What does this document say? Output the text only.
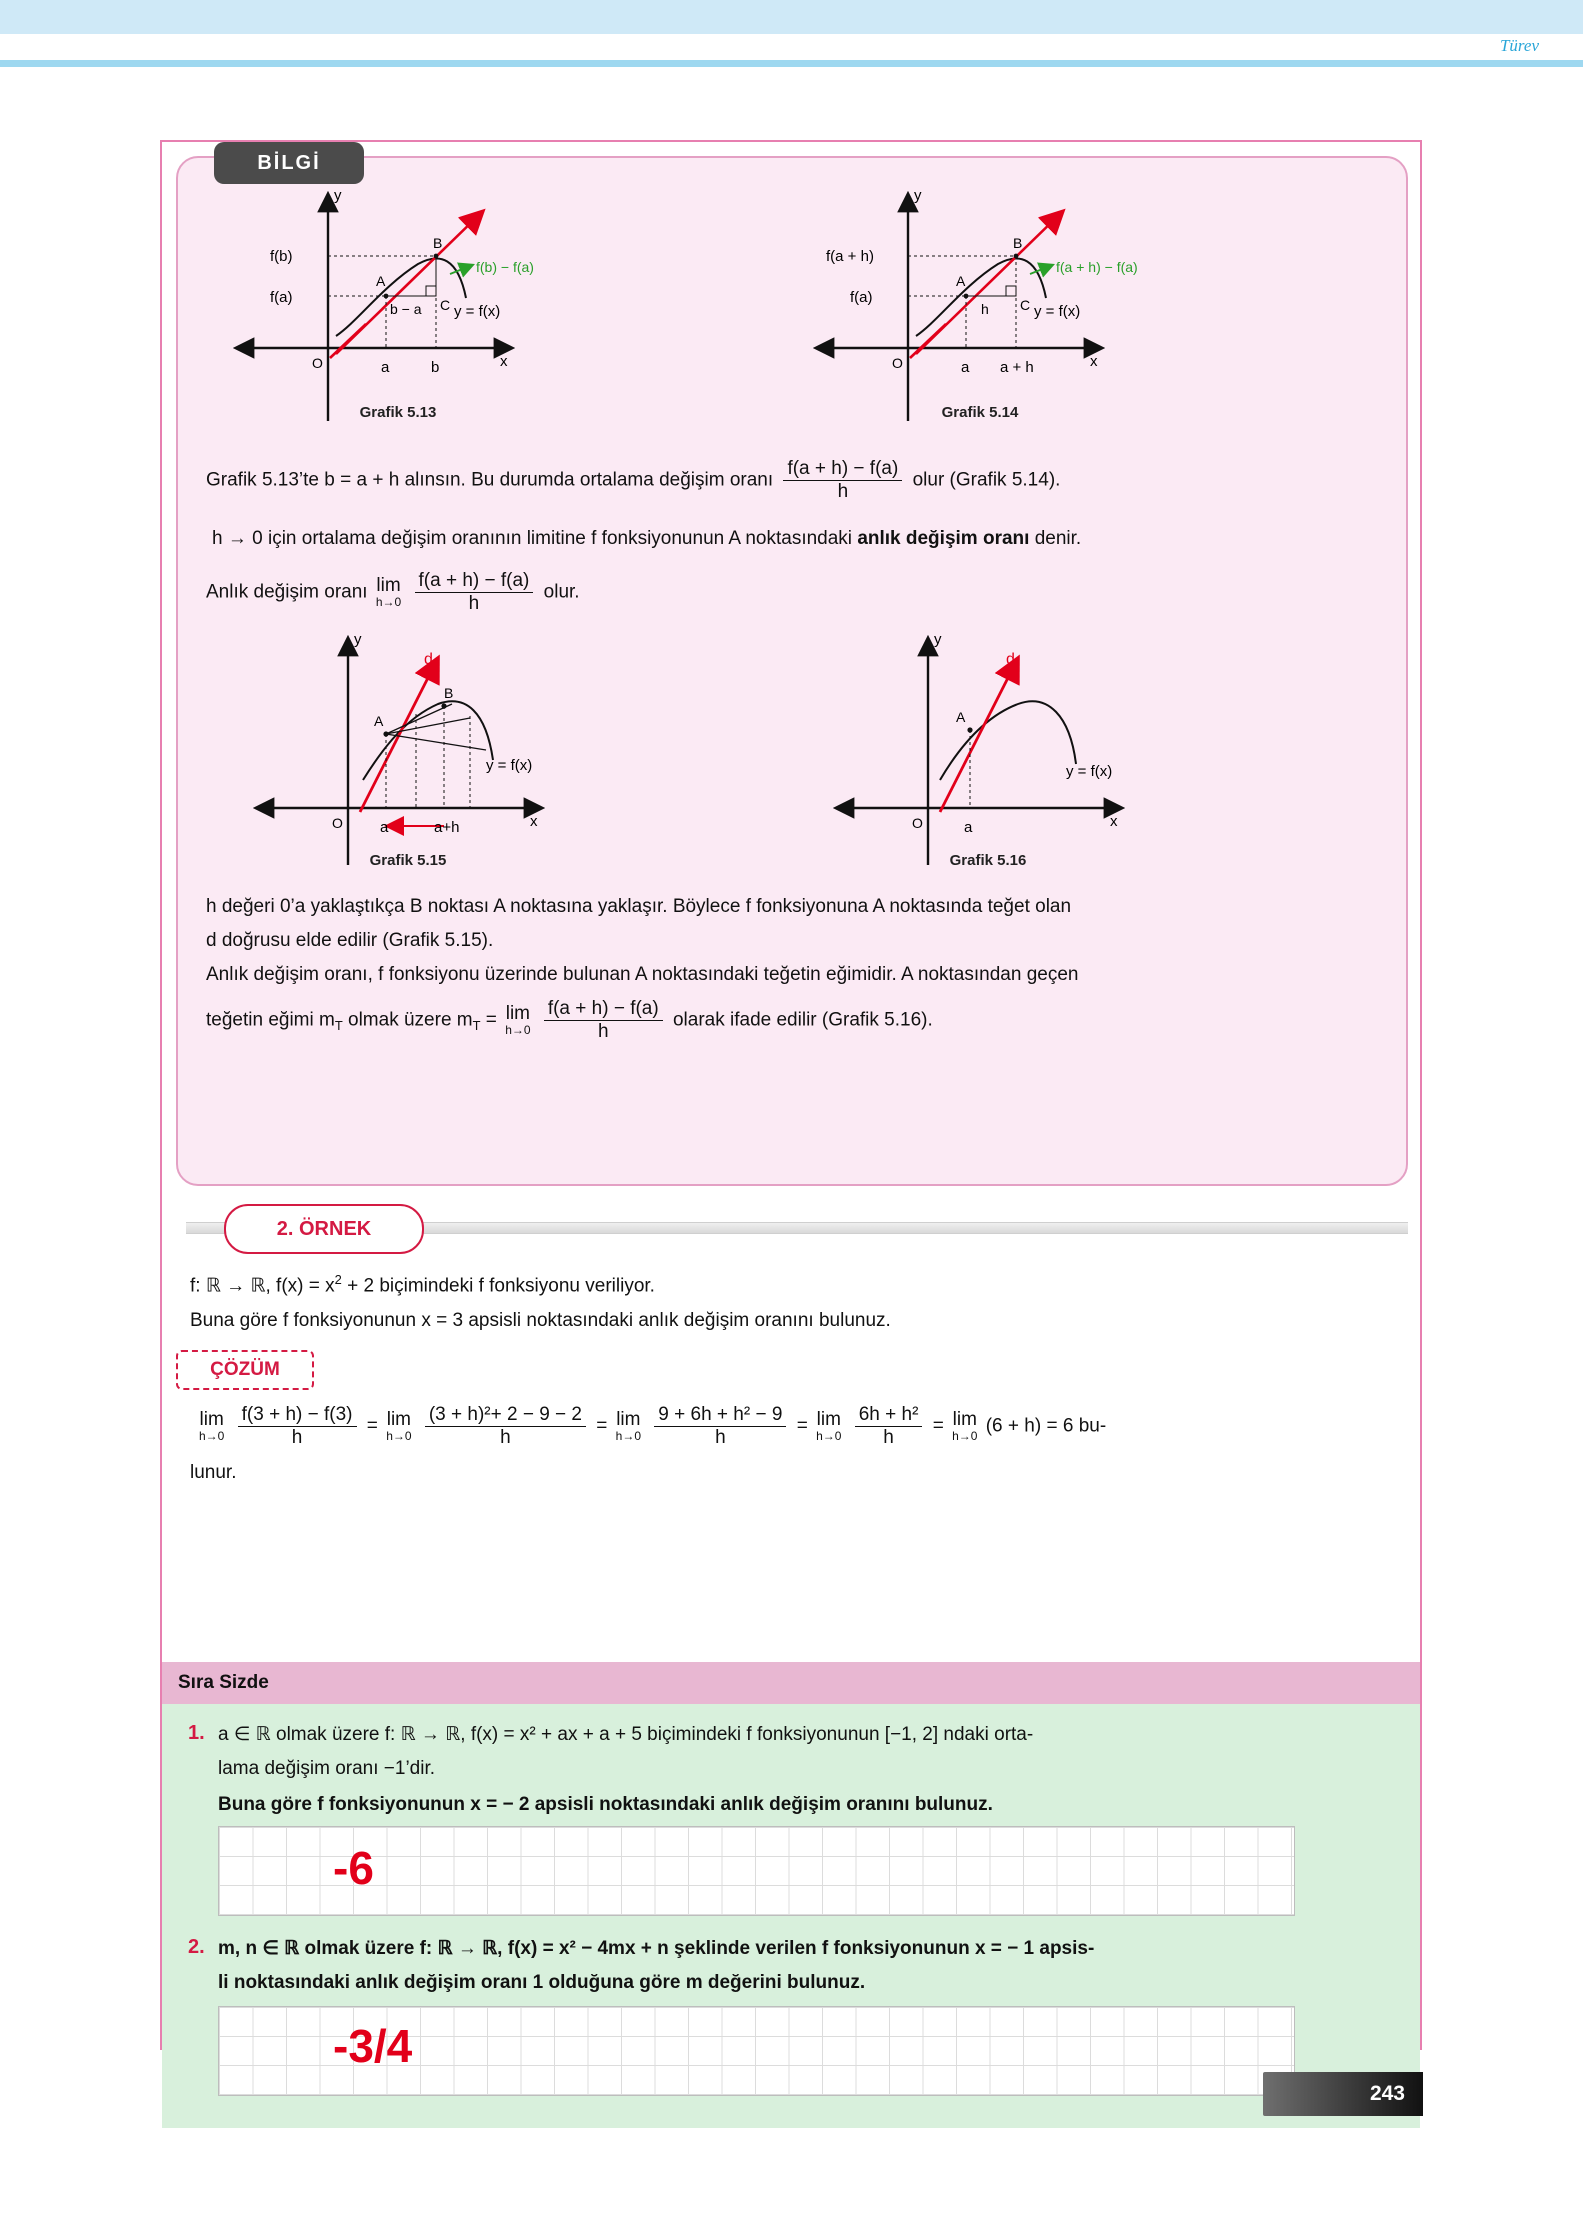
Türev
BİLGİ
y
x
O	a	b
f(b)
f(a)
A
B
C
b − a y = f(x)
f(b) − f(a)
Grafik 5.13
y
x
O	a a + h
f(a + h)
f(a)
A
B
C
h	y = f(x)
f(a + h) − f(a)
Grafik 5.14
Grafik 5.13’te b = a + h alınsın. Bu durumda ortalama değişim oranı $\frac{f(a + h) - f(a)}{h}$ olur (Grafik 5.14).
h → 0 için ortalama değişim oranının limitine f fonksiyonunun A noktasındaki anlık değişim oranı denir.
Anlık değişim oranı lim
h→0
$\frac{f(a + h) - f(a)}{h}$ olur.
y
x
O a	a+h
A
B
d
y = f(x)
Grafik 5.15
y
x
O	a
A
d
y = f(x)
Grafik 5.16
h değeri 0’a yaklaştıkça B noktası A noktasına yaklaşır. Böylece f fonksiyonuna A noktasında teğet olan
d doğrusu elde edilir (Grafik 5.15).
Anlık değişim oranı, f fonksiyonu üzerinde bulunan A noktasındaki teğetin eğimidir. A noktasından geçen
teğetin eğimi $m_T$ olmak üzere $m_T = \lim$
h→0
$\frac{f(a + h) - f(a)}{h}$ olarak ifade edilir (Grafik 5.16).
2. ÖRNEK
f: ℝ → ℝ, $f(x) = x^2 + 2$ biçimindeki f fonksiyonu veriliyor.
Buna göre f fonksiyonunun x = 3 apsisli noktasındaki anlık değişim oranını bulunuz.
ÇÖZÜM
lim
h→0
$\frac{f(3 + h) - f(3)}{h} = \lim$
h→0
$\frac{\text{(3 + h)²+ 2 − 9 − 2}}{h} = \lim$
h→0
$\frac{\text{9 + 6h + h² − 9}}{h} = \lim$
h→0
$\frac{\text{6h + h²}}{h} = \lim$
h→0 (6 + h) = 6 bu-
lunur.
Sıra Sizde
1. a ∈ ℝ olmak üzere f: ℝ → ℝ, f(x) = x² + ax + a + 5 biçimindeki f fonksiyonunun [−1, 2] ndaki orta-
lama değişim oranı −1’dir.
Buna göre f fonksiyonunun x = − 2 apsisli noktasındaki anlık değişim oranını bulunuz.
-6
2. m, n ∈ ℝ olmak üzere f: ℝ → ℝ, f(x) = x² − 4mx + n şeklinde verilen f fonksiyonunun x = − 1 apsis-
li noktasındaki anlık değişim oranı 1 olduğuna göre m değerini bulunuz.
-3/4
243
